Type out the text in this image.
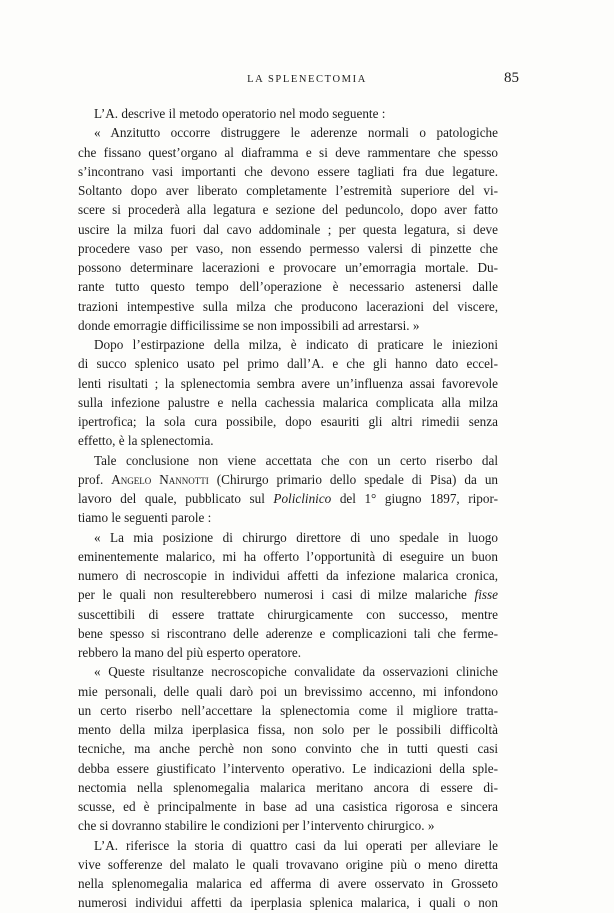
LA SPLENECTOMIA	85
L’A. descrive il metodo operatorio nel modo seguente :
« Anzitutto occorre distruggere le aderenze normali o patologiche
che fissano quest’organo al diaframma e si deve rammentare che spesso
s’incontrano vasi importanti che devono essere tagliati fra due legature.
Soltanto dopo aver liberato completamente l’estremità superiore del vi-
scere si procederà alla legatura e sezione del peduncolo, dopo aver fatto
uscire la milza fuori dal cavo addominale ; per questa legatura, si deve
procedere vaso per vaso, non essendo permesso valersi di pinzette che
possono determinare lacerazioni e provocare un’emorragia mortale. Du-
rante tutto questo tempo dell’operazione è necessario astenersi dalle
trazioni intempestive sulla milza che producono lacerazioni del viscere,
donde emorragie difficilissime se non impossibili ad arrestarsi. »
Dopo l’estirpazione della milza, è indicato di praticare le iniezioni
di succo splenico usato pel primo dall’A. e che gli hanno dato eccel-
lenti risultati ; la splenectomia sembra avere un’influenza assai favorevole
sulla infezione palustre e nella cachessia malarica complicata alla milza
ipertrofica; la sola cura possibile, dopo esauriti gli altri rimedii senza
effetto, è la splenectomia.
Tale conclusione non viene accettata che con un certo riserbo dal
prof. Angelo Nannotti (Chirurgo primario dello spedale di Pisa) da un
lavoro del quale, pubblicato sul Policlinico del 1° giugno 1897, ripor-
tiamo le seguenti parole :
« La mia posizione di chirurgo direttore di uno spedale in luogo
eminentemente malarico, mi ha offerto l’opportunità di eseguire un buon
numero di necroscopie in individui affetti da infezione malarica cronica,
per le quali non resulterebbero numerosi i casi di milze malariche fisse
suscettibili di essere trattate chirurgicamente con successo, mentre
bene spesso si riscontrano delle aderenze e complicazioni tali che ferme-
rebbero la mano del più esperto operatore.
« Queste risultanze necroscopiche convalidate da osservazioni cliniche
mie personali, delle quali darò poi un brevissimo accenno, mi infondono
un certo riserbo nell’accettare la splenectomia come il migliore tratta-
mento della milza iperplasica fissa, non solo per le possibili difficoltà
tecniche, ma anche perchè non sono convinto che in tutti questi casi
debba essere giustificato l’intervento operativo. Le indicazioni della sple-
nectomia nella splenomegalia malarica meritano ancora di essere di-
scusse, ed è principalmente in base ad una casistica rigorosa e sincera
che si dovranno stabilire le condizioni per l’intervento chirurgico. »
L’A. riferisce la storia di quattro casi da lui operati per alleviare le
vive sofferenze del malato le quali trovavano origine più o meno diretta
nella splenomegalia malarica ed afferma di avere osservato in Grosseto
numerosi individui affetti da iperplasia splenica malarica, i quali o non
